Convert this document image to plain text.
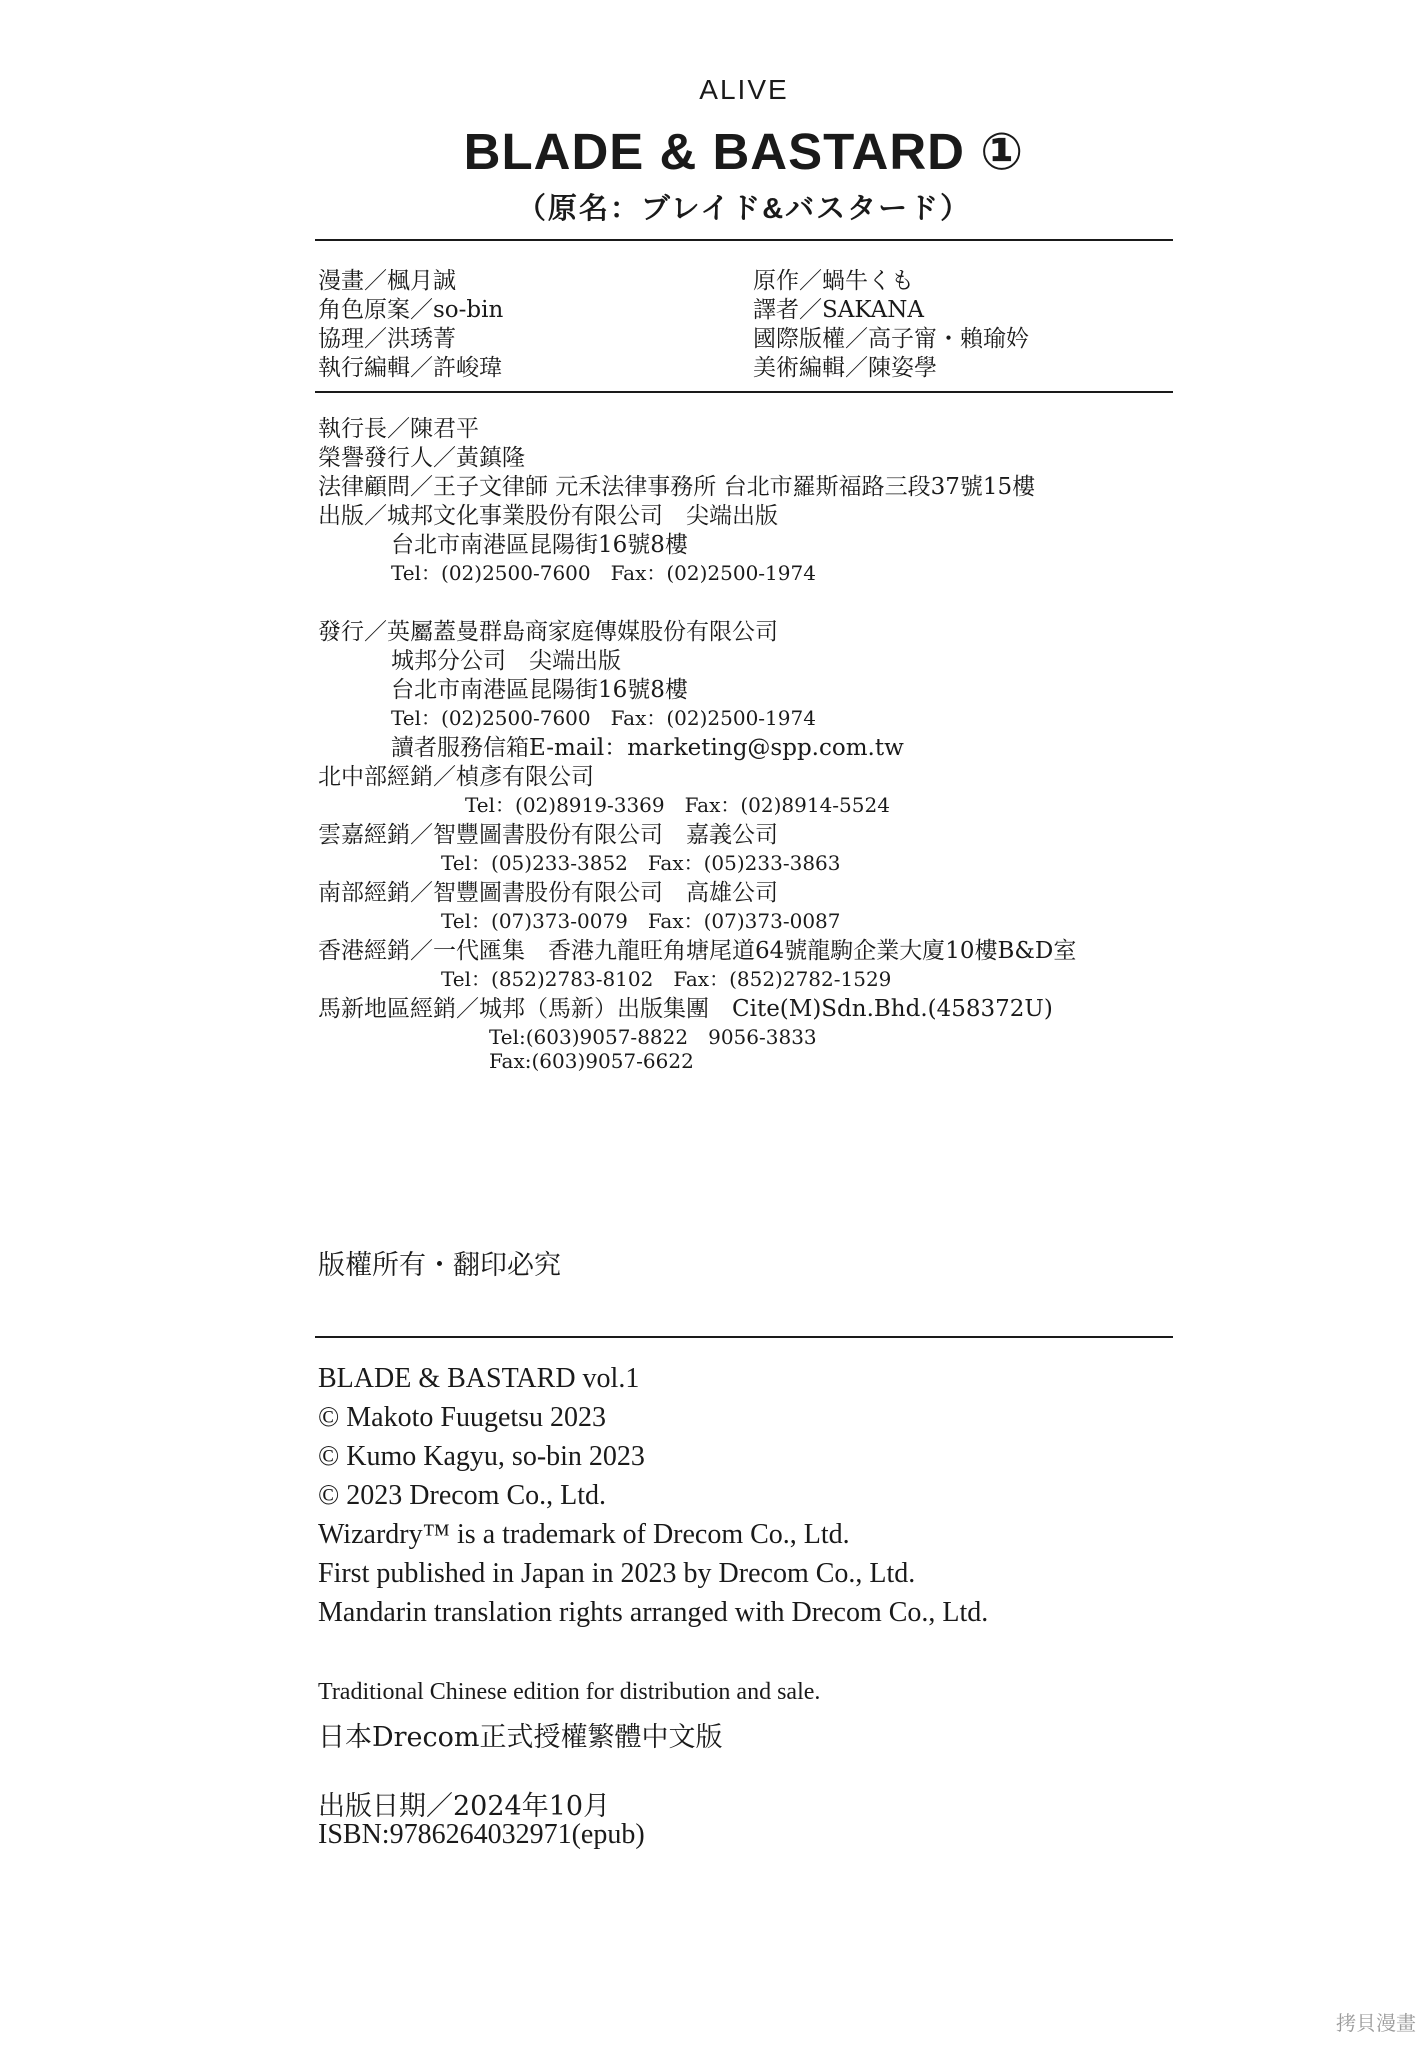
ALIVE
BLADE & BASTARD ①
（原名：ブレイド&バスタード）
漫畫／楓月誠
角色原案／so-bin
協理／洪琇菁
執行編輯／許峻瑋
原作／蝸牛くも
譯者／SAKANA
國際版權／高子甯・賴瑜妗
美術編輯／陳姿學
執行長／陳君平
榮譽發行人／黃鎮隆
法律顧問／王子文律師 元禾法律事務所 台北市羅斯福路三段37號15樓
出版／城邦文化事業股份有限公司　尖端出版
台北市南港區昆陽街16號8樓
Tel：(02)2500-7600　Fax：(02)2500-1974
發行／英屬蓋曼群島商家庭傳媒股份有限公司
城邦分公司　尖端出版
台北市南港區昆陽街16號8樓
Tel：(02)2500-7600　Fax：(02)2500-1974
讀者服務信箱E-mail：marketing@spp.com.tw
北中部經銷／楨彥有限公司
Tel：(02)8919-3369　Fax：(02)8914-5524
雲嘉經銷／智豐圖書股份有限公司　嘉義公司
Tel：(05)233-3852　Fax：(05)233-3863
南部經銷／智豐圖書股份有限公司　高雄公司
Tel：(07)373-0079　Fax：(07)373-0087
香港經銷／一代匯集　香港九龍旺角塘尾道64號龍駒企業大廈10樓B&D室
Tel：(852)2783-8102　Fax：(852)2782-1529
馬新地區經銷／城邦（馬新）出版集團　Cite(M)Sdn.Bhd.(458372U)
Tel:(603)9057-8822　9056-3833
Fax:(603)9057-6622
版權所有・翻印必究
BLADE & BASTARD vol.1
© Makoto Fuugetsu 2023
© Kumo Kagyu, so-bin 2023
© 2023 Drecom Co., Ltd.
Wizardry™ is a trademark of Drecom Co., Ltd.
First published in Japan in 2023 by Drecom Co., Ltd.
Mandarin translation rights arranged with Drecom Co., Ltd.
Traditional Chinese edition for distribution and sale.
日本Drecom正式授權繁體中文版
出版日期／2024年10月
ISBN:9786264032971(epub)
拷貝漫畫
